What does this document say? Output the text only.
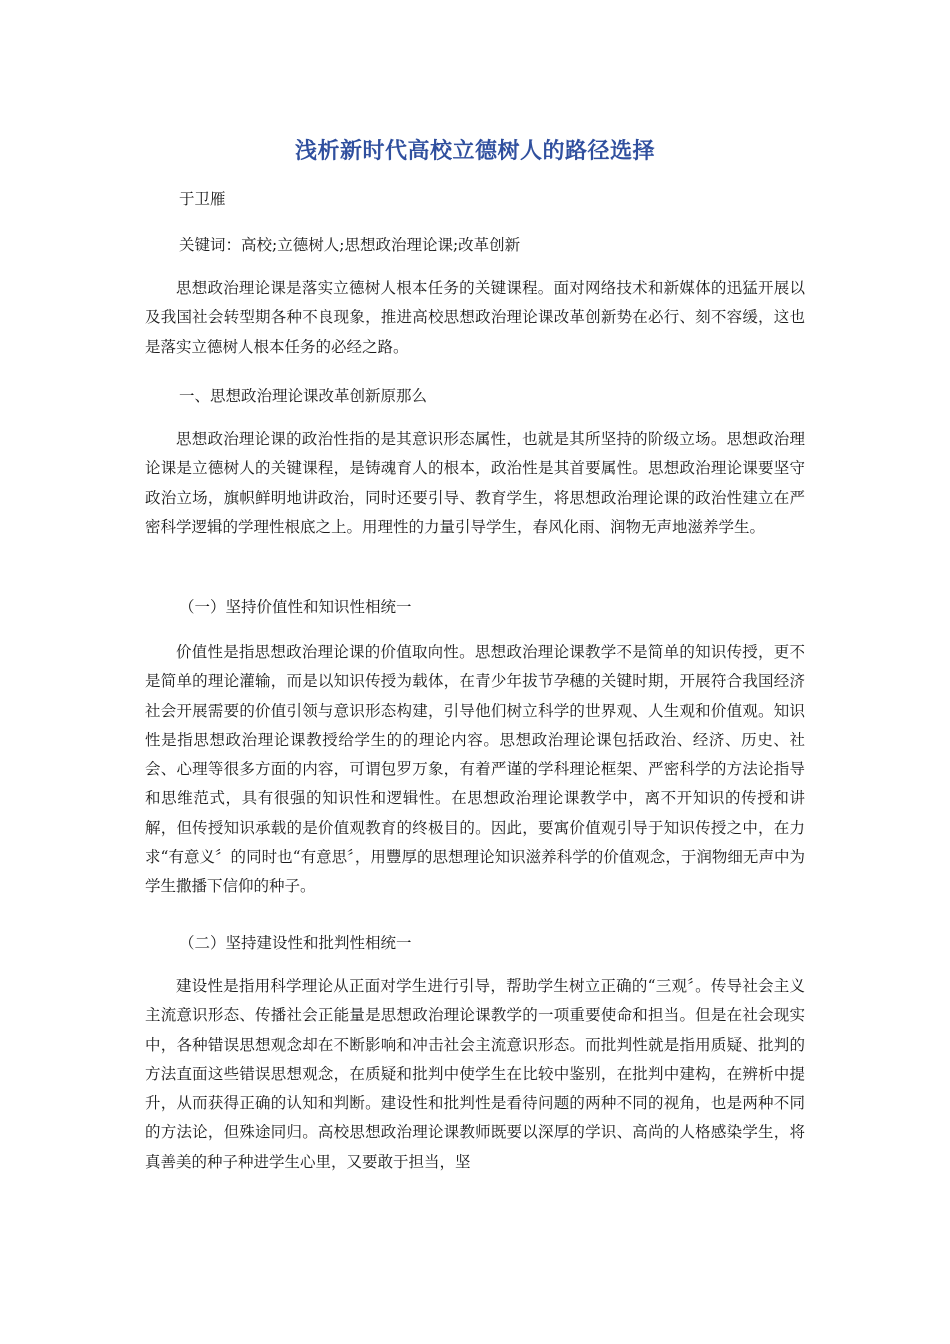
浅析新时代高校立德树人的路径选择
于卫雁
关键词：高校;立德树人;思想政治理论课;改革创新

思想政治理论课是落实立德树人根本任务的关键课程。面对网络技术和新媒体的迅猛开展以及我国社会转型期各种不良现象，推进高校思想政治理论课改革创新势在必行、刻不容缓，这也是落实立德树人根本任务的必经之路。

一、思想政治理论课改革创新原那么

思想政治理论课的政治性指的是其意识形态属性，也就是其所坚持的阶级立场。思想政治理论课是立德树人的关键课程，是铸魂育人的根本，政治性是其首要属性。思想政治理论课要坚守政治立场，旗帜鲜明地讲政治，同时还要引导、教育学生，将思想政治理论课的政治性建立在严密科学逻辑的学理性根底之上。用理性的力量引导学生，春风化雨、润物无声地滋养学生。

（一）坚持价值性和知识性相统一

价值性是指思想政治理论课的价值取向性。思想政治理论课教学不是简单的知识传授，更不是简单的理论灌输，而是以知识传授为载体，在青少年拔节孕穗的关键时期，开展符合我国经济社会开展需要的价值引领与意识形态构建，引导他们树立科学的世界观、人生观和价值观。知识性是指思想政治理论课教授给学生的的理论内容。思想政治理论课包括政治、经济、历史、社会、心理等很多方面的内容，可谓包罗万象，有着严谨的学科理论框架、严密科学的方法论指导和思维范式，具有很强的知识性和逻辑性。在思想政治理论课教学中，离不开知识的传授和讲解，但传授知识承载的是价值观教育的终极目的。因此，要寓价值观引导于知识传授之中，在力求“有意义〞的同时也“有意思〞，用豐厚的思想理论知识滋养科学的价值观念，于润物细无声中为学生撒播下信仰的种子。

（二）坚持建设性和批判性相统一

建设性是指用科学理论从正面对学生进行引导，帮助学生树立正确的“三观〞。传导社会主义主流意识形态、传播社会正能量是思想政治理论课教学的一项重要使命和担当。但是在社会现实中，各种错误思想观念却在不断影响和冲击社会主流意识形态。而批判性就是指用质疑、批判的方法直面这些错误思想观念，在质疑和批判中使学生在比较中鉴别，在批判中建构，在辨析中提升，从而获得正确的认知和判断。建设性和批判性是看待问题的两种不同的视角，也是两种不同的方法论，但殊途同归。高校思想政治理论课教师既要以深厚的学识、高尚的人格感染学生，将真善美的种子种进学生心里，又要敢于担当，坚
